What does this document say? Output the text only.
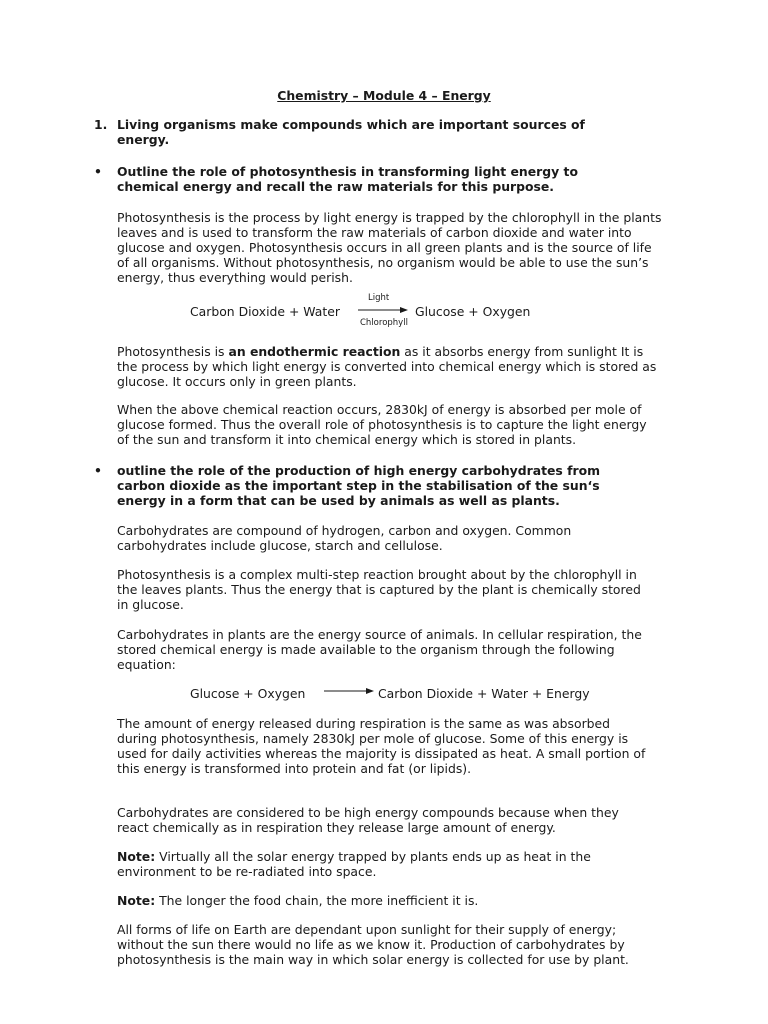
Chemistry – Module 4 – Energy
1. Living organisms make compounds which are important sources of energy.
• Outline the role of photosynthesis in transforming light energy to chemical energy and recall the raw materials for this purpose.
Photosynthesis is the process by light energy is trapped by the chlorophyll in the plants leaves and is used to transform the raw materials of carbon dioxide and water into glucose and oxygen. Photosynthesis occurs in all green plants and is the source of life of all organisms. Without photosynthesis, no organism would be able to use the sun’s energy, thus everything would perish.
Carbon Dioxide + Water
Light
Chlorophyll
Glucose + Oxygen
Photosynthesis is an endothermic reaction as it absorbs energy from sunlight It is the process by which light energy is converted into chemical energy which is stored as glucose. It occurs only in green plants.
When the above chemical reaction occurs, 2830kJ of energy is absorbed per mole of glucose formed. Thus the overall role of photosynthesis is to capture the light energy of the sun and transform it into chemical energy which is stored in plants.
• outline the role of the production of high energy carbohydrates from carbon dioxide as the important step in the stabilisation of the sun‘s energy in a form that can be used by animals as well as plants.
Carbohydrates are compound of hydrogen, carbon and oxygen. Common carbohydrates include glucose, starch and cellulose.
Photosynthesis is a complex multi-step reaction brought about by the chlorophyll in the leaves plants. Thus the energy that is captured by the plant is chemically stored in glucose.
Carbohydrates in plants are the energy source of animals. In cellular respiration, the stored chemical energy is made available to the organism through the following equation:
Glucose + Oxygen	Carbon Dioxide + Water + Energy
The amount of energy released during respiration is the same as was absorbed during photosynthesis, namely 2830kJ per mole of glucose. Some of this energy is used for daily activities whereas the majority is dissipated as heat. A small portion of this energy is transformed into protein and fat (or lipids).
Carbohydrates are considered to be high energy compounds because when they react chemically as in respiration they release large amount of energy.
Note: Virtually all the solar energy trapped by plants ends up as heat in the environment to be re-radiated into space.
Note: The longer the food chain, the more inefficient it is.
All forms of life on Earth are dependant upon sunlight for their supply of energy; without the sun there would no life as we know it. Production of carbohydrates by photosynthesis is the main way in which solar energy is collected for use by plant.
